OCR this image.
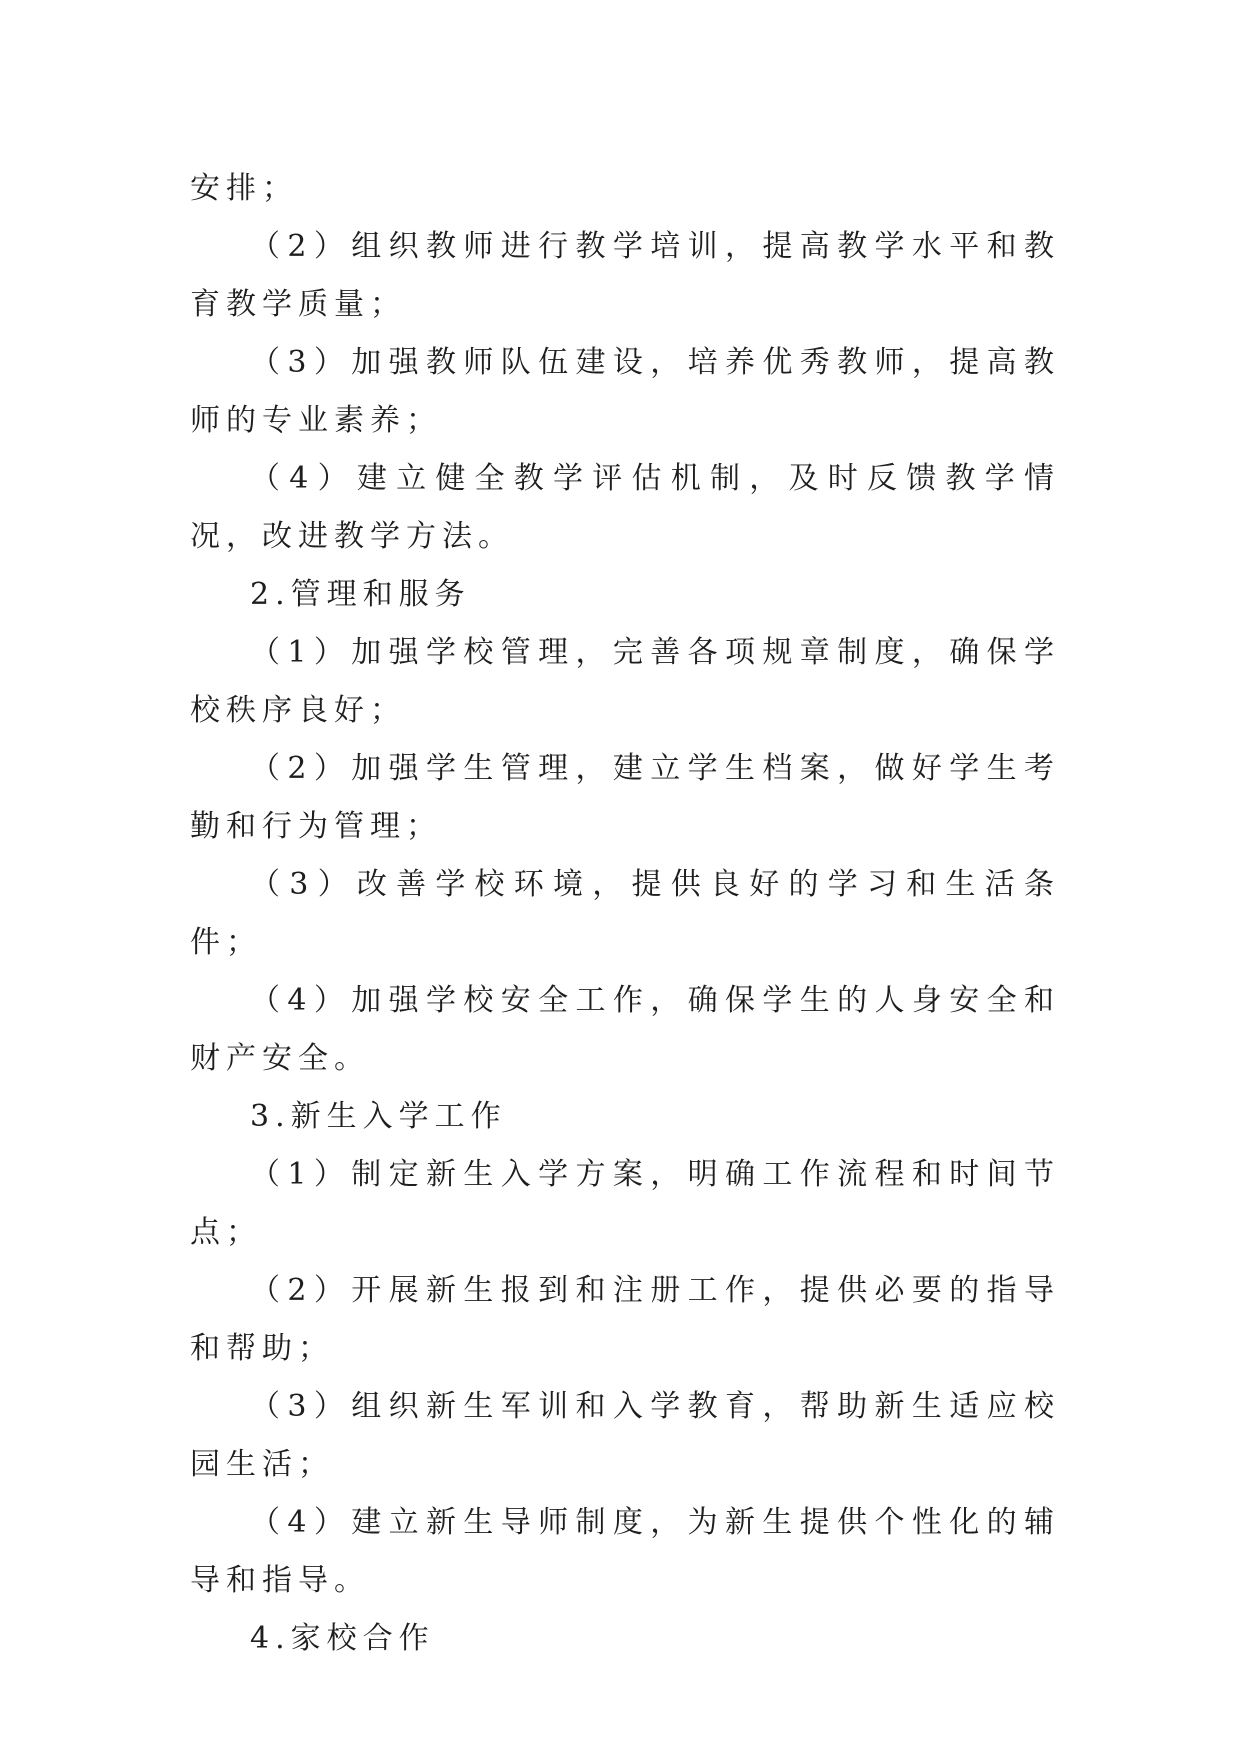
安排；

（2）组织教师进行教学培训，提高教学水平和教育教学质量；

（3）加强教师队伍建设，培养优秀教师，提高教师的专业素养；

（4）建立健全教学评估机制，及时反馈教学情况，改进教学方法。

2.管理和服务

（1）加强学校管理，完善各项规章制度，确保学校秩序良好；

（2）加强学生管理，建立学生档案，做好学生考勤和行为管理；

（3）改善学校环境，提供良好的学习和生活条件；

（4）加强学校安全工作，确保学生的人身安全和财产安全。

3.新生入学工作

（1）制定新生入学方案，明确工作流程和时间节点；

（2）开展新生报到和注册工作，提供必要的指导和帮助；

（3）组织新生军训和入学教育，帮助新生适应校园生活；

（4）建立新生导师制度，为新生提供个性化的辅导和指导。

4.家校合作
